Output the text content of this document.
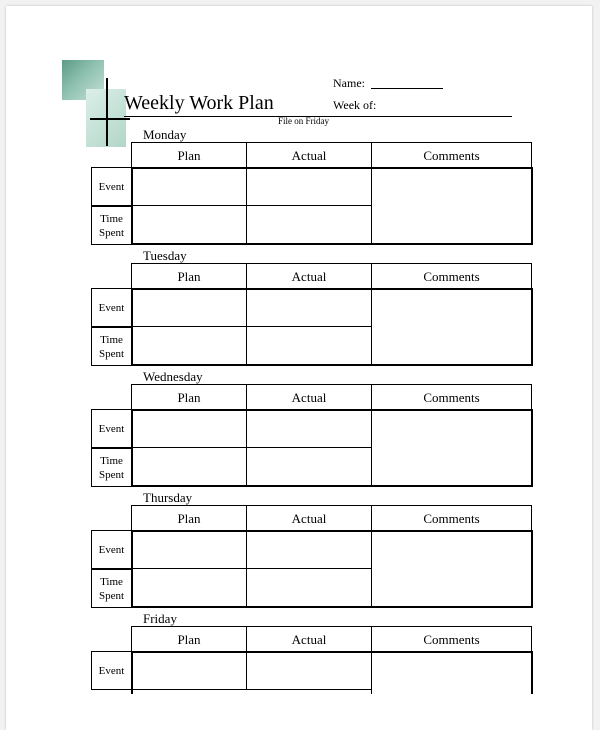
Weekly Work Plan
File on Friday
Name:
Week of:
Monday
Plan	Actual	Comments
Event
Time
Spent
Tuesday
Plan	Actual	Comments
Event
Time
Spent
Wednesday
Plan	Actual	Comments
Event
Time
Spent
Thursday
Plan	Actual	Comments
Event
Time
Spent
Friday
Plan	Actual	Comments
Event
